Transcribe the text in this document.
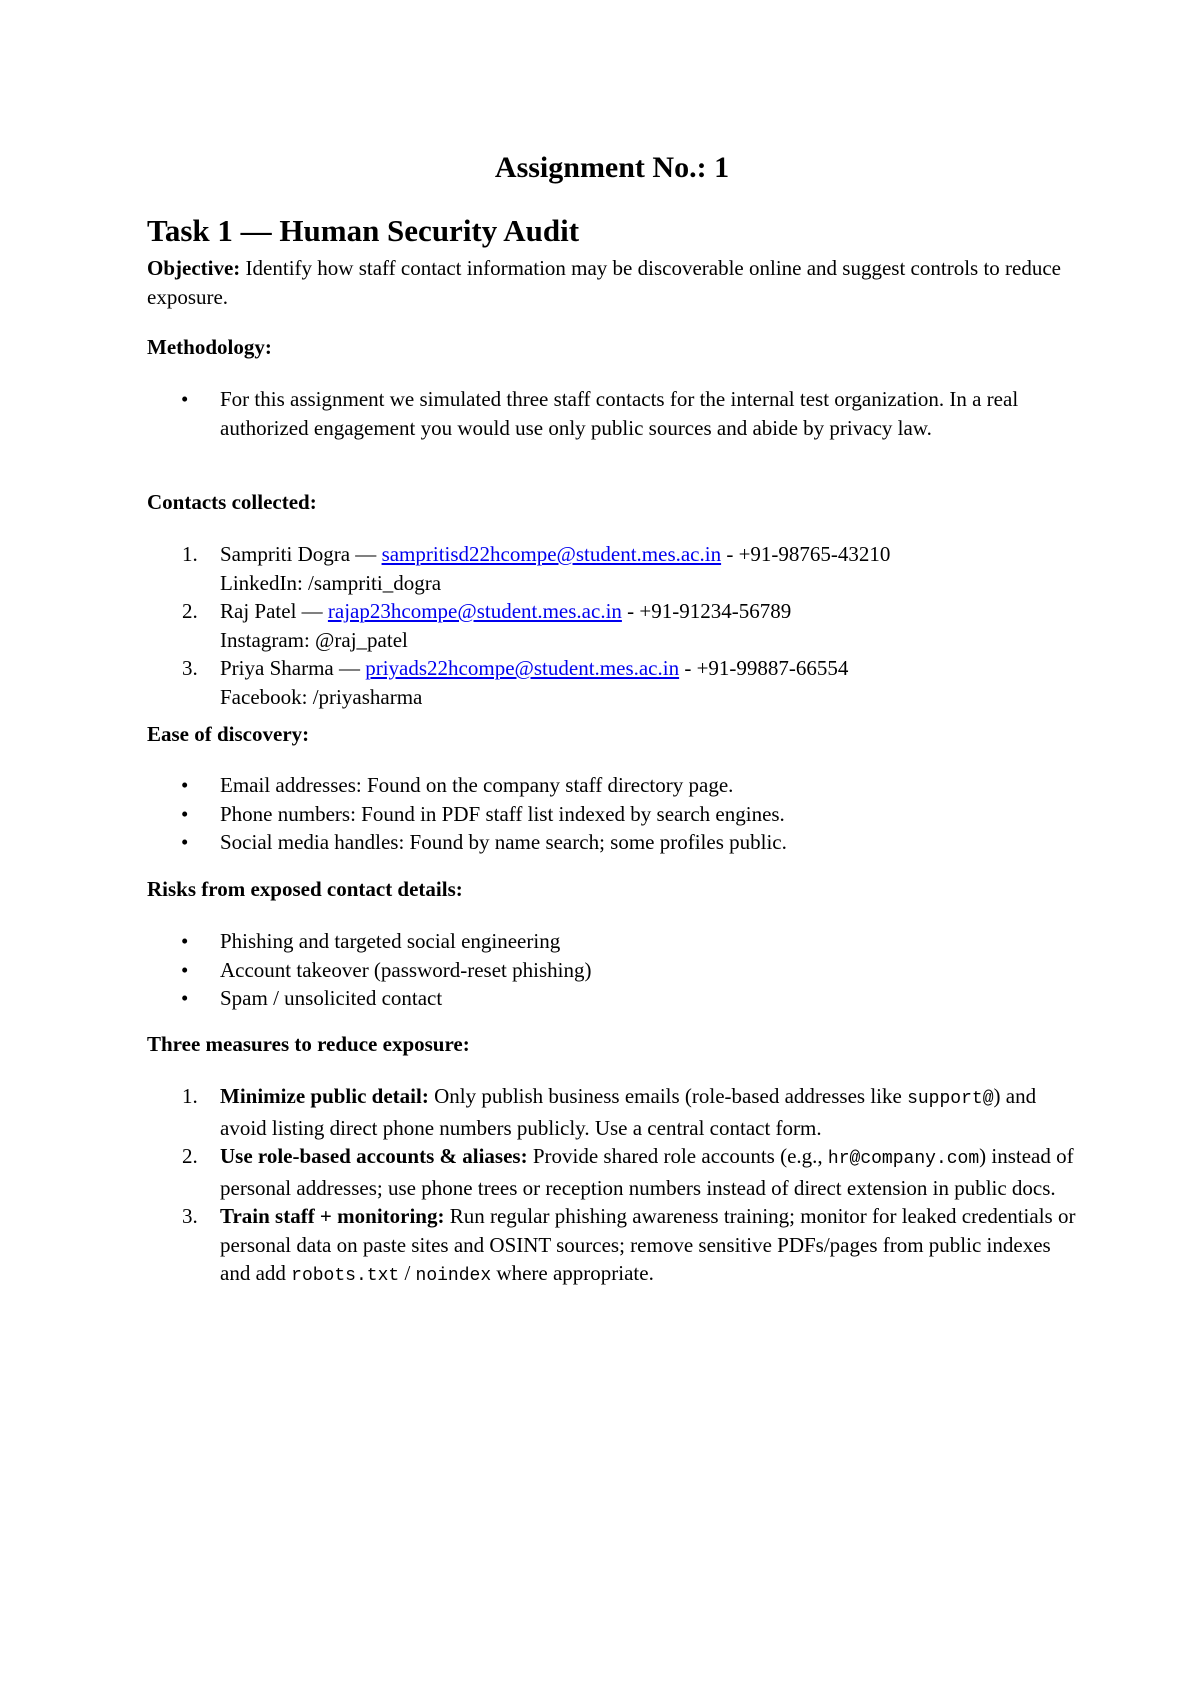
Assignment No.: 1
Task 1 — Human Security Audit

Objective: Identify how staff contact information may be discoverable online and suggest controls to reduce exposure.

Methodology:

• For this assignment we simulated three staff contacts for the internal test organization. In a real authorized engagement you would use only public sources and abide by privacy law.

Contacts collected:

1. Sampriti Dogra — sampritisd22hcompe@student.mes.ac.in - +91-98765-43210
LinkedIn: /sampriti_dogra
2. Raj Patel — rajap23hcompe@student.mes.ac.in - +91-91234-56789
Instagram: @raj_patel
3. Priya Sharma — priyads22hcompe@student.mes.ac.in - +91-99887-66554
Facebook: /priyasharma

Ease of discovery:

• Email addresses: Found on the company staff directory page.
• Phone numbers: Found in PDF staff list indexed by search engines.
• Social media handles: Found by name search; some profiles public.

Risks from exposed contact details:

• Phishing and targeted social engineering
• Account takeover (password-reset phishing)
• Spam / unsolicited contact

Three measures to reduce exposure:

1. Minimize public detail: Only publish business emails (role-based addresses like support@) and avoid listing direct phone numbers publicly. Use a central contact form.
2. Use role-based accounts & aliases: Provide shared role accounts (e.g., hr@company.com) instead of personal addresses; use phone trees or reception numbers instead of direct extension in public docs.
3. Train staff + monitoring: Run regular phishing awareness training; monitor for leaked credentials or personal data on paste sites and OSINT sources; remove sensitive PDFs/pages from public indexes and add robots.txt / noindex where appropriate.
